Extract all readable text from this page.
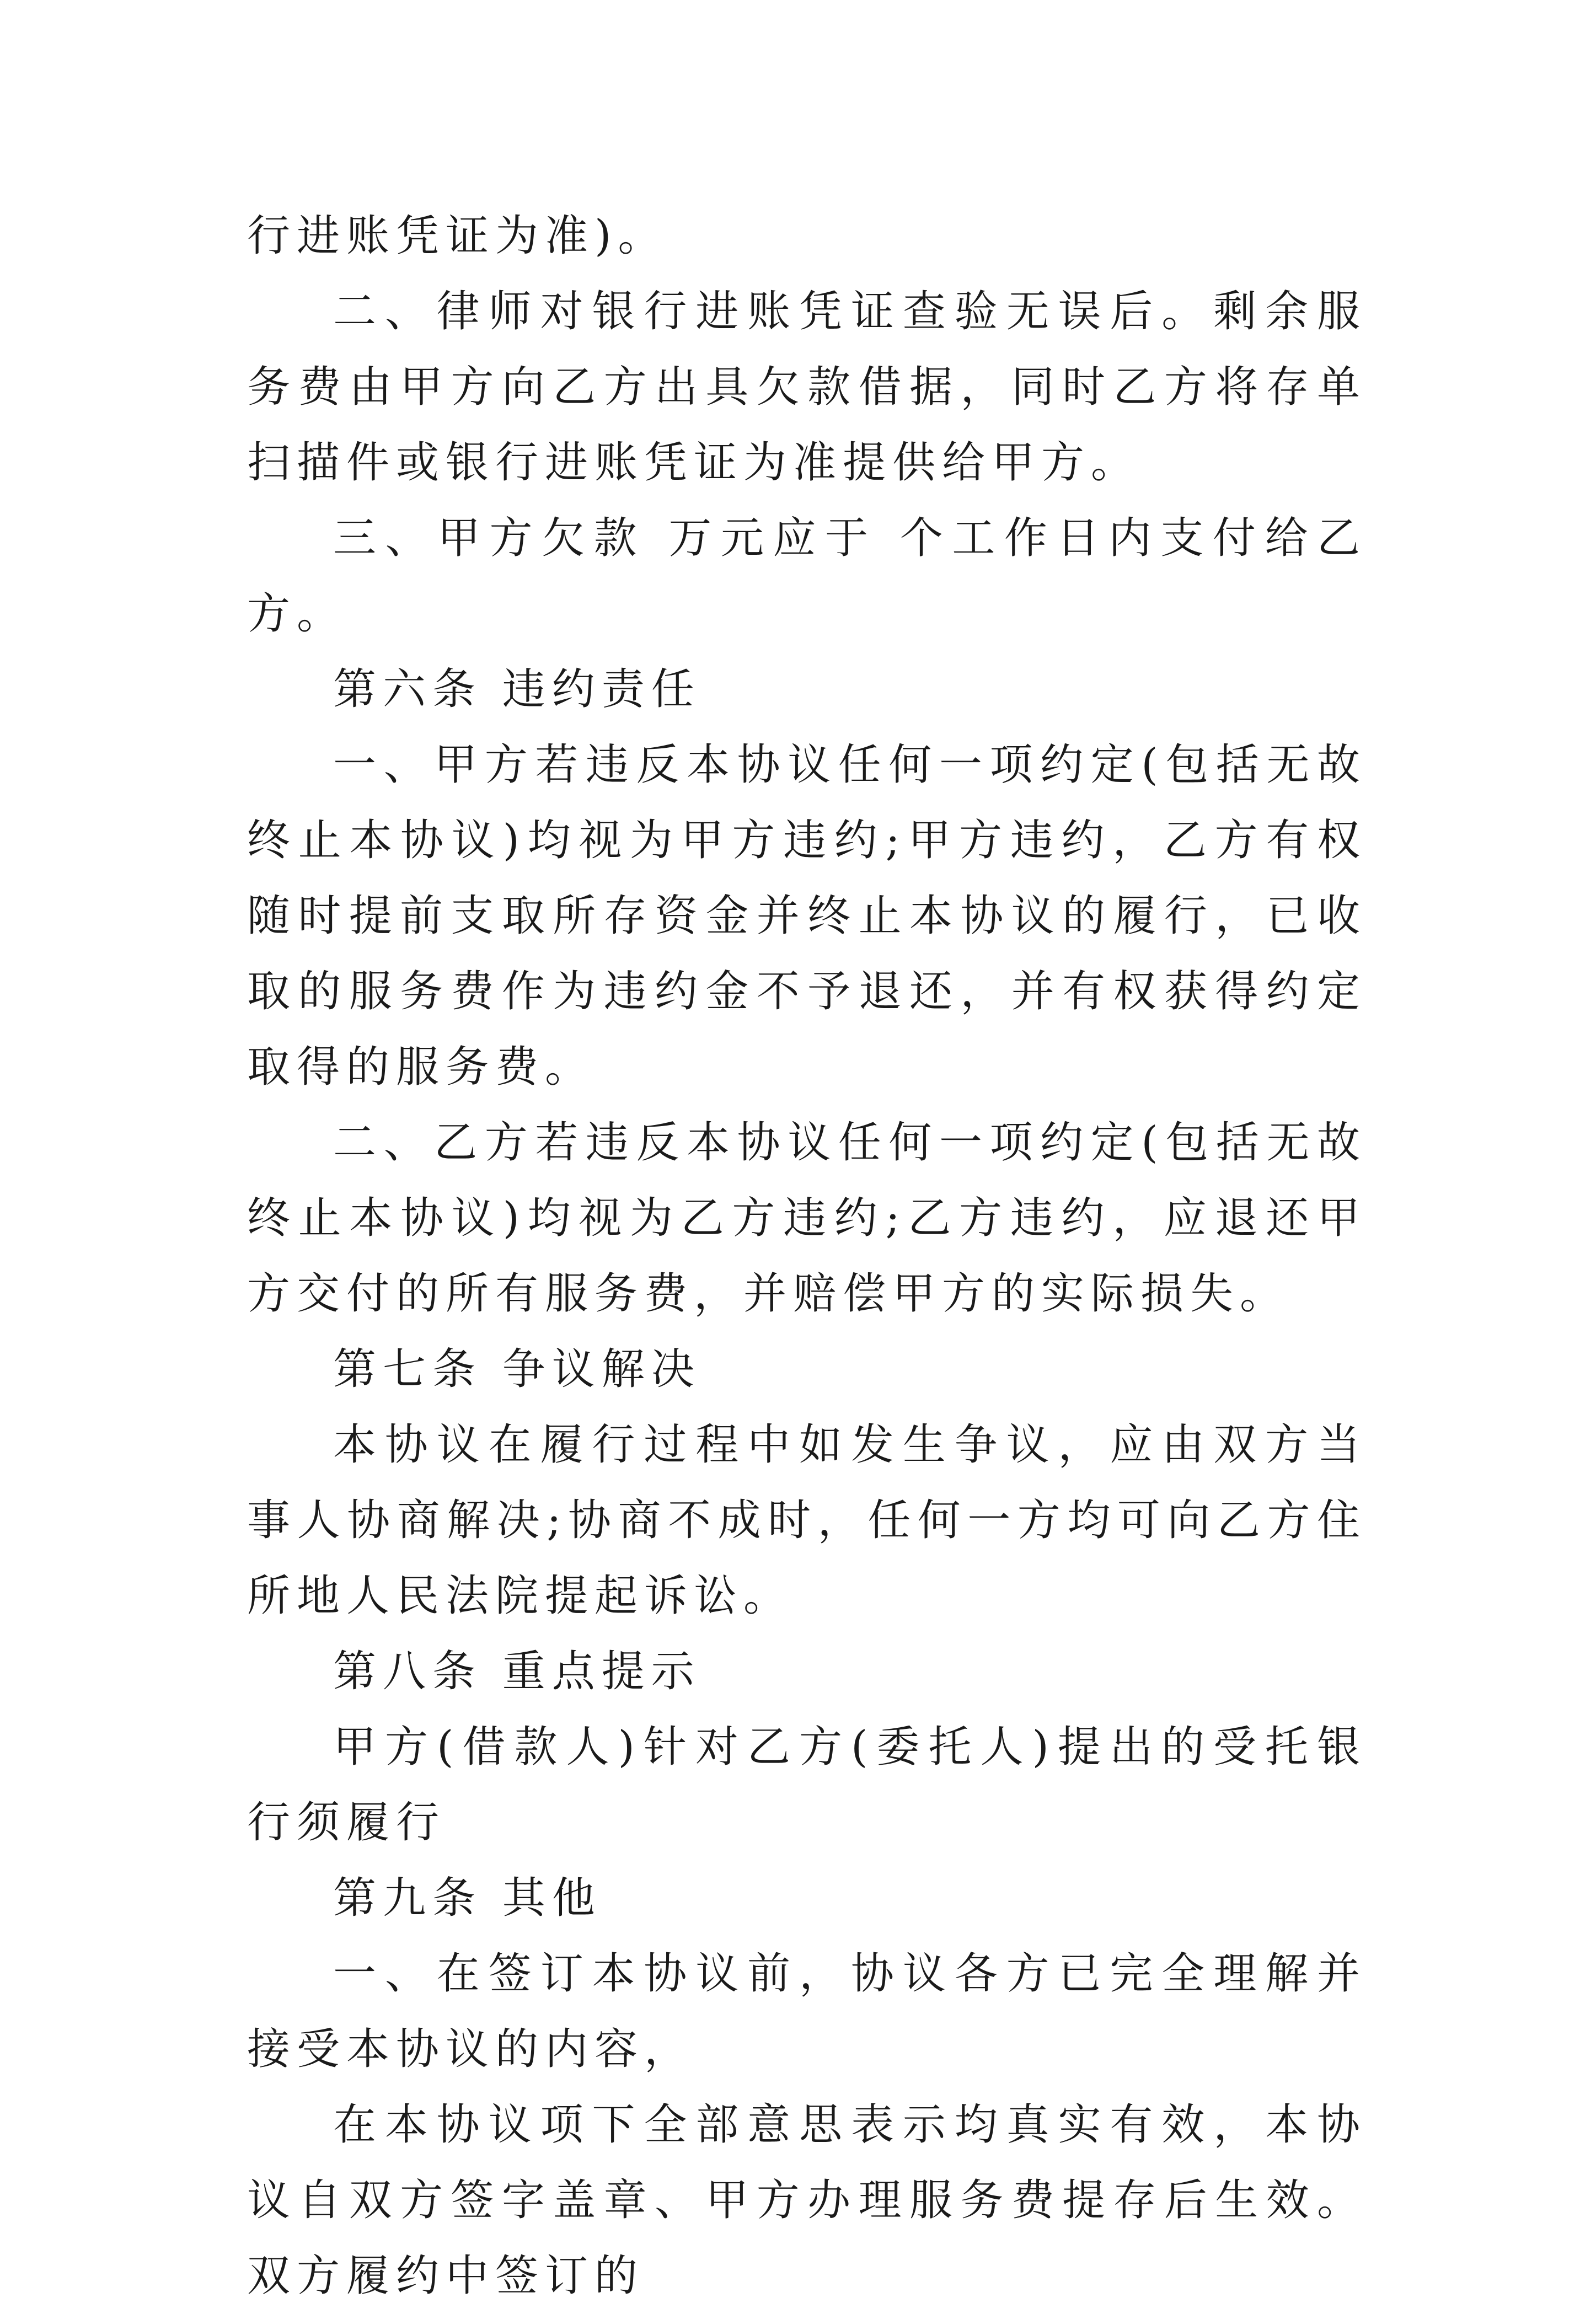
行进账凭证为准)。

二、律师对银行进账凭证查验无误后。剩余服务费由甲方向乙方出具欠款借据，同时乙方将存单扫描件或银行进账凭证为准提供给甲方。

三、甲方欠款 万元应于 个工作日内支付给乙方。

第六条 违约责任

一、甲方若违反本协议任何一项约定(包括无故终止本协议)均视为甲方违约;甲方违约，乙方有权随时提前支取所存资金并终止本协议的履行，已收取的服务费作为违约金不予退还，并有权获得约定取得的服务费。

二、乙方若违反本协议任何一项约定(包括无故终止本协议)均视为乙方违约;乙方违约，应退还甲方交付的所有服务费，并赔偿甲方的实际损失。

第七条 争议解决

本协议在履行过程中如发生争议，应由双方当事人协商解决;协商不成时，任何一方均可向乙方住所地人民法院提起诉讼。

第八条 重点提示

甲方(借款人)针对乙方(委托人)提出的受托银行须履行

第九条 其他

一、在签订本协议前，协议各方已完全理解并接受本协议的内容，

在本协议项下全部意思表示均真实有效，本协议自双方签字盖章、甲方办理服务费提存后生效。双方履约中签订的
